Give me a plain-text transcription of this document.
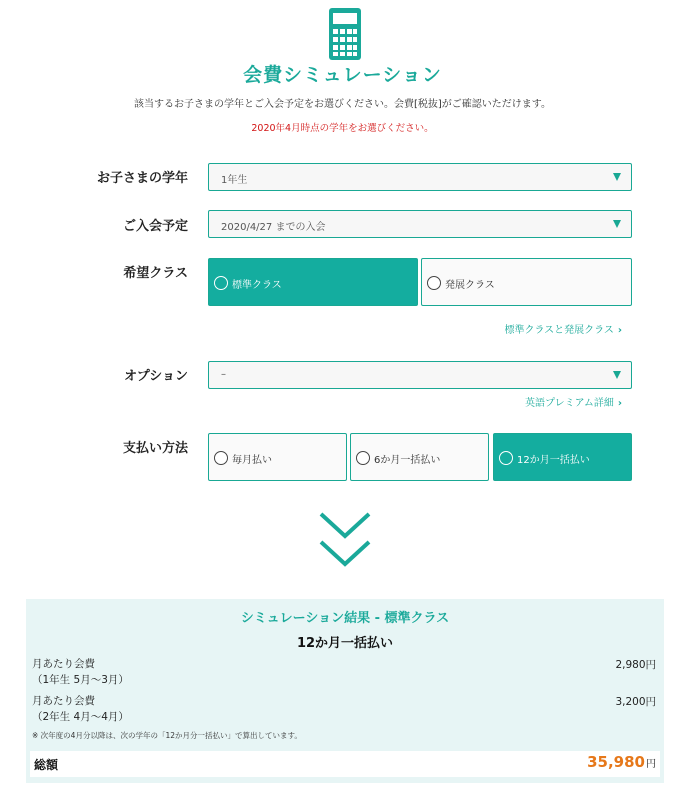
会費シミュレーション
該当するお子さまの学年とご入会予定をお選びください。会費[税抜]がご確認いただけます。
2020年4月時点の学年をお選びください。
お子さまの学年	1年生
ご入会予定	2020/4/27 までの入会
希望クラス
標準クラス	発展クラス
標準クラスと発展クラス ›
オプション	–
英語プレミアム詳細 ›
支払い方法
毎月払い	6か月一括払い	12か月一括払い
シミュレーション結果 - 標準クラス
12か月一括払い
月あたり会費
（1年生 5月～3月）
2,980円
月あたり会費
（2年生 4月～4月）
3,200円
※ 次年度の4月分以降は、次の学年の「12か月分一括払い」で算出しています。
総額	35,980円
